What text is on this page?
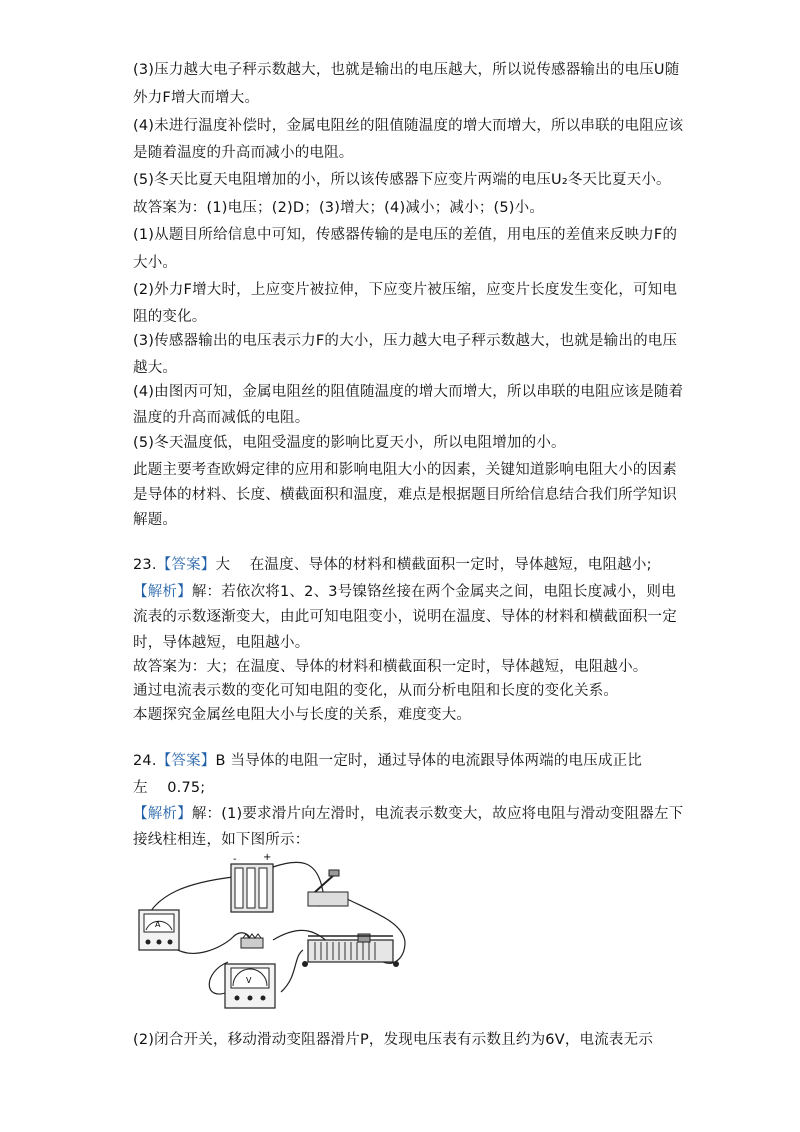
(3)压力越大电子秤示数越大，也就是输出的电压越大，所以说传感器输出的电压U随
外力F增大而增大。
(4)未进行温度补偿时，金属电阻丝的阻值随温度的增大而增大，所以串联的电阻应该
是随着温度的升高而减小的电阻。
(5)冬天比夏天电阻增加的小，所以该传感器下应变片两端的电压U₂冬天比夏天小。
故答案为：(1)电压；(2)D；(3)增大；(4)减小；减小；(5)小。
(1)从题目所给信息中可知，传感器传输的是电压的差值，用电压的差值来反映力F的
大小。
(2)外力F增大时，上应变片被拉伸，下应变片被压缩，应变片长度发生变化，可知电
阻的变化。
(3)传感器输出的电压表示力F的大小，压力越大电子秤示数越大，也就是输出的电压
越大。
(4)由图丙可知，金属电阻丝的阻值随温度的增大而增大，所以串联的电阻应该是随着
温度的升高而减低的电阻。
(5)冬天温度低，电阻受温度的影响比夏天小，所以电阻增加的小。
此题主要考查欧姆定律的应用和影响电阻大小的因素，关键知道影响电阻大小的因素
是导体的材料、长度、横截面积和温度，难点是根据题目所给信息结合我们所学知识
解题。
23.【答案】大　 在温度、导体的材料和横截面积一定时，导体越短，电阻越小;
【解析】解：若依次将1、2、3号镍铬丝接在两个金属夹之间，电阻长度减小，则电
流表的示数逐渐变大，由此可知电阻变小，说明在温度、导体的材料和横截面积一定
时，导体越短，电阻越小。
故答案为：大；在温度、导体的材料和横截面积一定时，导体越短，电阻越小。
通过电流表示数的变化可知电阻的变化，从而分析电阻和长度的变化关系。
本题探究金属丝电阻大小与长度的关系，难度变大。
24.【答案】B 当导体的电阻一定时，通过导体的电流跟导体两端的电压成正比
左　 0.75;
【解析】解：(1)要求滑片向左滑时，电流表示数变大，故应将电阻与滑动变阻器左下
接线柱相连，如下图所示：
(2)闭合开关，移动滑动变阻器滑片P，发现电压表有示数且约为6V，电流表无示
-	+
A
V
